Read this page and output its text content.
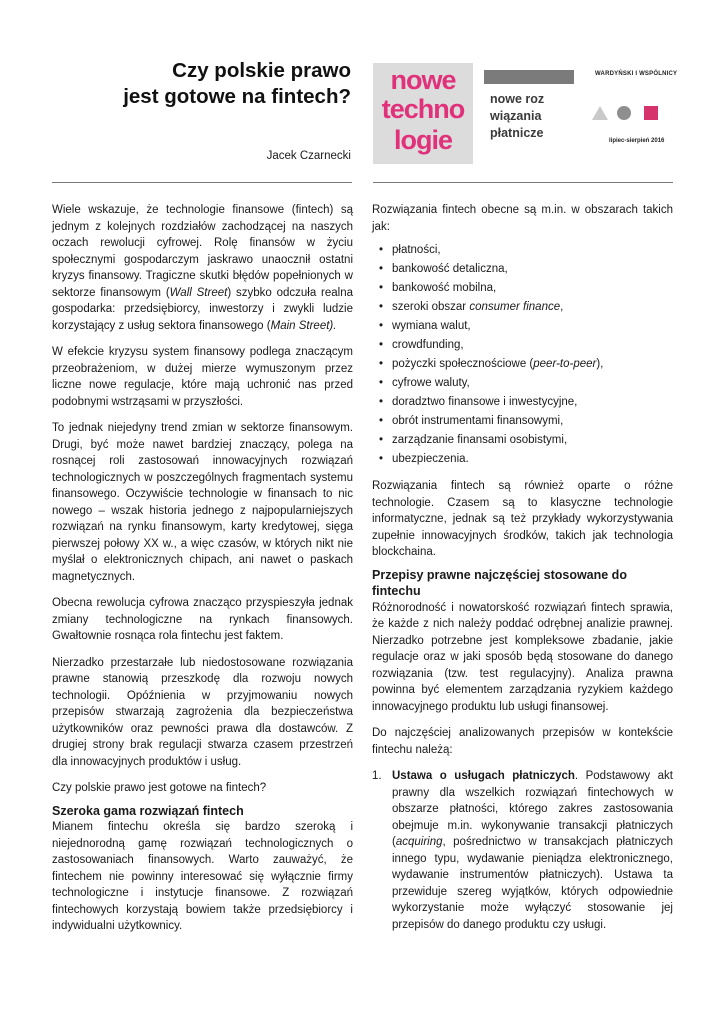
Czy polskie prawo
jest gotowe na fintech?
Jacek Czarnecki
nowe
techno
logie
nowe roz
wiązania
płatnicze
WARDYŃSKI I WSPÓLNICY
lipiec-sierpień 2016

Wiele wskazuje, że technologie finansowe (fintech) są jednym z kolejnych rozdziałów zachodzącej na naszych oczach rewolucji cyfrowej. Rolę finansów w życiu społecznymi gospodarczym jaskrawo unaocznił ostatni kryzys finansowy. Tragiczne skutki błędów popełnionych w sektorze finansowym (Wall Street) szybko odczuła realna gospodarka: przedsiębiorcy, inwestorzy i zwykli ludzie korzystający z usług sektora finansowego (Main Street).

W efekcie kryzysu system finansowy podlega znaczącym przeobrażeniom, w dużej mierze wymuszonym przez liczne nowe regulacje, które mają uchronić nas przed podobnymi wstrząsami w przyszłości.

To jednak niejedyny trend zmian w sektorze finansowym. Drugi, być może nawet bardziej znaczący, polega na rosnącej roli zastosowań innowacyjnych rozwiązań technologicznych w poszczególnych fragmentach systemu finansowego. Oczywiście technologie w finansach to nic nowego – wszak historia jednego z najpopularniejszych rozwiązań na rynku finansowym, karty kredytowej, sięga pierwszej połowy XX w., a więc czasów, w których nikt nie myślał o elektronicznych chipach, ani nawet o paskach magnetycznych.

Obecna rewolucja cyfrowa znacząco przyspieszyła jednak zmiany technologiczne na rynkach finansowych. Gwałtownie rosnąca rola fintechu jest faktem.

Nierzadko przestarzałe lub niedostosowane rozwiązania prawne stanowią przeszkodę dla rozwoju nowych technologii. Opóźnienia w przyjmowaniu nowych przepisów stwarzają zagrożenia dla bezpieczeństwa użytkowników oraz pewności prawa dla dostawców. Z drugiej strony brak regulacji stwarza czasem przestrzeń dla innowacyjnych produktów i usług.

Czy polskie prawo jest gotowe na fintech?

Szeroka gama rozwiązań fintech

Mianem fintechu określa się bardzo szeroką i niejednorodną gamę rozwiązań technologicznych o zastosowaniach finansowych. Warto zauważyć, że fintechem nie powinny interesować się wyłącznie firmy technologiczne i instytucje finansowe. Z rozwiązań fintechowych korzystają bowiem także przedsiębiorcy i indywidualni użytkownicy.

Rozwiązania fintech obecne są m.in. w obszarach takich jak:

• płatności,
• bankowość detaliczna,
• bankowość mobilna,
• szeroki obszar consumer finance,
• wymiana walut,
• crowdfunding,
• pożyczki społecznościowe (peer-to-peer),
• cyfrowe waluty,
• doradztwo finansowe i inwestycyjne,
• obrót instrumentami finansowymi,
• zarządzanie finansami osobistymi,
• ubezpieczenia.

Rozwiązania fintech są również oparte o różne technologie. Czasem są to klasyczne technologie informatyczne, jednak są też przykłady wykorzystywania zupełnie innowacyjnych środków, takich jak technologia blockchaina.

Przepisy prawne najczęściej stosowane do fintechu

Różnorodność i nowatorskość rozwiązań fintech sprawia, że każde z nich należy poddać odrębnej analizie prawnej. Nierzadko potrzebne jest kompleksowe zbadanie, jakie regulacje oraz w jaki sposób będą stosowane do danego rozwiązania (tzw. test regulacyjny). Analiza prawna powinna być elementem zarządzania ryzykiem każdego innowacyjnego produktu lub usługi finansowej.

Do najczęściej analizowanych przepisów w kontekście fintechu należą:

1. Ustawa o usługach płatniczych. Podstawowy akt prawny dla wszelkich rozwiązań fintechowych w obszarze płatności, którego zakres zastosowania obejmuje m.in. wykonywanie transakcji płatniczych (acquiring, pośrednictwo w transakcjach płatniczych innego typu, wydawanie pieniądza elektronicznego, wydawanie instrumentów płatniczych). Ustawa ta przewiduje szereg wyjątków, których odpowiednie wykorzystanie może wyłączyć stosowanie jej przepisów do danego produktu czy usługi.
